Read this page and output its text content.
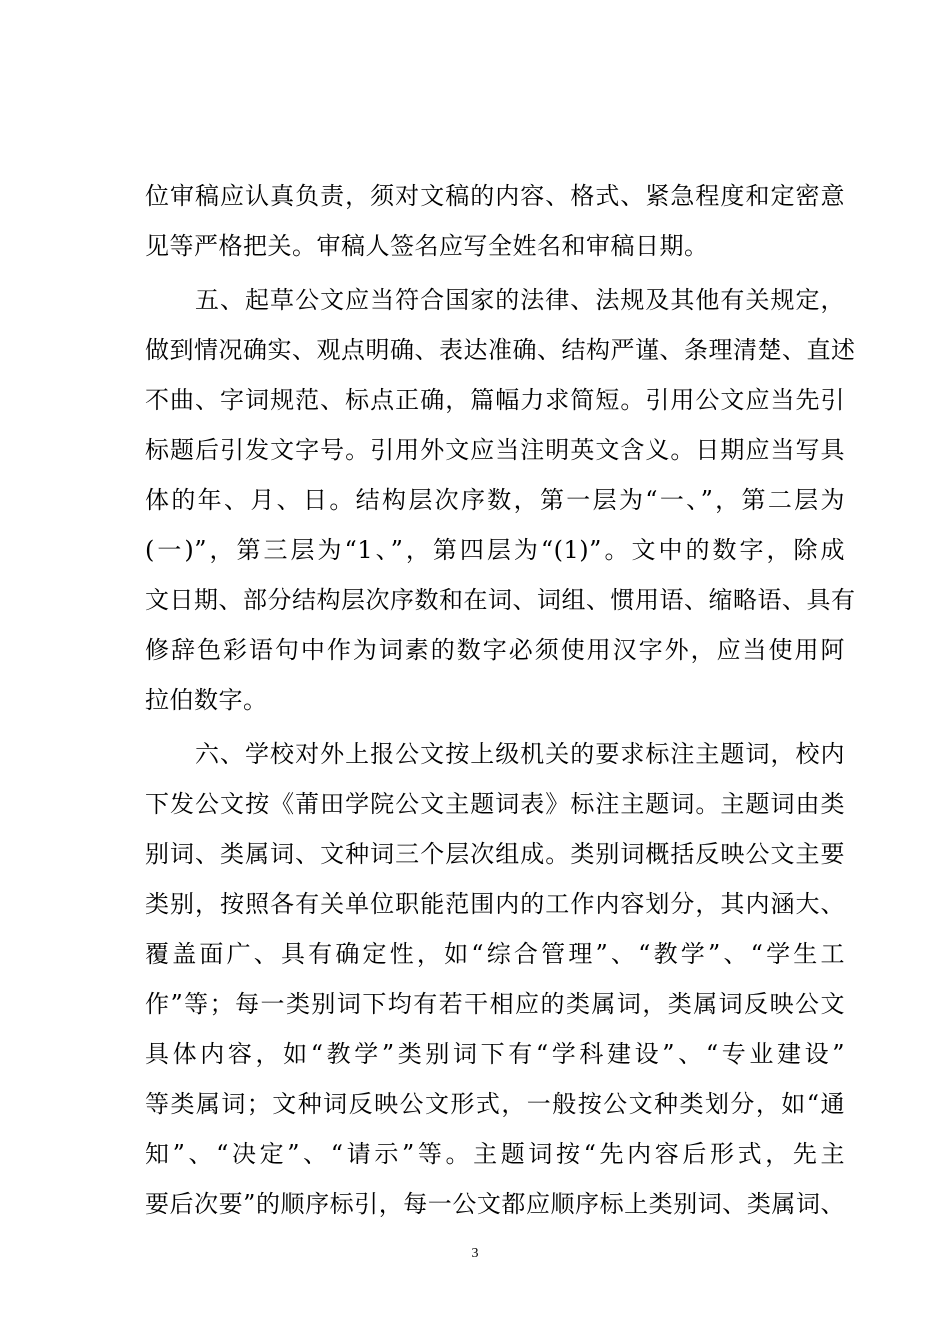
位审稿应认真负责，须对文稿的内容、格式、紧急程度和定密意
见等严格把关。审稿人签名应写全姓名和审稿日期。
五、起草公文应当符合国家的法律、法规及其他有关规定，
做到情况确实、观点明确、表达准确、结构严谨、条理清楚、直述
不曲、字词规范、标点正确，篇幅力求简短。引用公文应当先引
标题后引发文字号。引用外文应当注明英文含义。日期应当写具
体的年、月、日。结构层次序数，第一层为“一、”，第二层为
(一)”，第三层为“1、”，第四层为“(1)”。文中的数字，除成
文日期、部分结构层次序数和在词、词组、惯用语、缩略语、具有
修辞色彩语句中作为词素的数字必须使用汉字外，应当使用阿
拉伯数字。
六、学校对外上报公文按上级机关的要求标注主题词，校内
下发公文按《莆田学院公文主题词表》标注主题词。主题词由类
别词、类属词、文种词三个层次组成。类别词概括反映公文主要
类别，按照各有关单位职能范围内的工作内容划分，其内涵大、
覆盖面广、具有确定性，如“综合管理”、“教学”、“学生工
作”等；每一类别词下均有若干相应的类属词，类属词反映公文
具体内容，如“教学”类别词下有“学科建设”、“专业建设”
等类属词；文种词反映公文形式，一般按公文种类划分，如“通
知”、“决定”、“请示”等。主题词按“先内容后形式，先主
要后次要”的顺序标引，每一公文都应顺序标上类别词、类属词、
3
